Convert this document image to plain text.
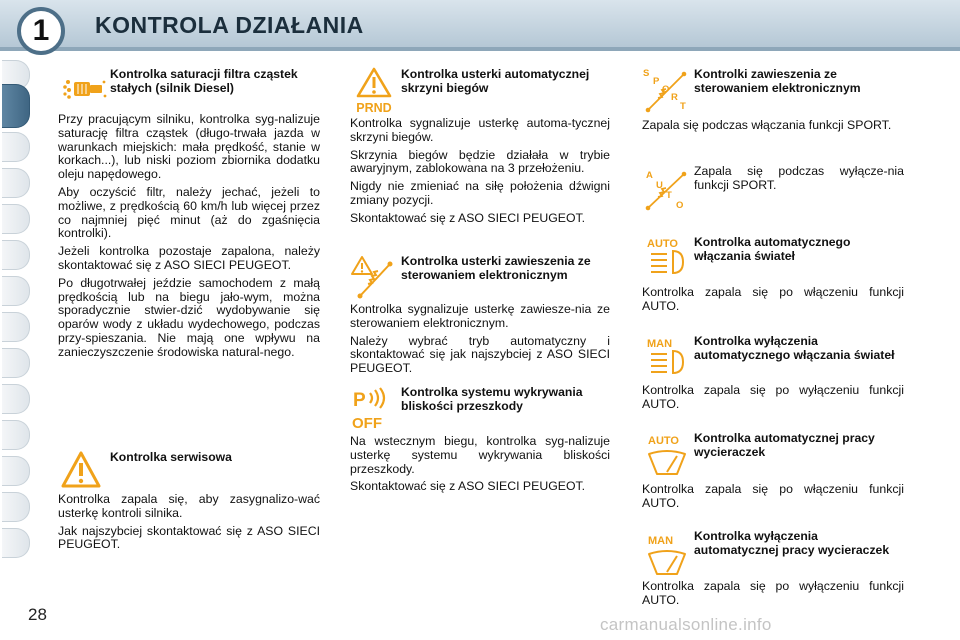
1	KONTROLA DZIAŁANIA
Kontrolka saturacji filtra cząstek stałych (silnik Diesel)

Przy pracującym silniku, kontrolka syg-nalizuje saturację filtra cząstek (długo-trwała jazda w warunkach miejskich: mała prędkość, stanie w korkach...), lub niski poziom zbiornika dodatku oleju napędowego.

Aby oczyścić filtr, należy jechać, jeżeli to możliwe, z prędkością 60 km/h lub więcej przez co najmniej pięć minut (aż do zgaśnięcia kontrolki).

Jeżeli kontrolka pozostaje zapalona, należy skontaktować się z ASO SIECI PEUGEOT.

Po długotrwałej jeździe samochodem z małą prędkością lub na biegu jało-wym, można sporadycznie stwier-dzić wydobywanie się oparów wody z układu wydechowego, podczas przy-spieszania. Nie mają one wpływu na zanieczyszczenie środowiska natural-nego.

Kontrolka serwisowa

Kontrolka zapala się, aby zasygnalizo-wać usterkę kontroli silnika.

Jak najszybciej skontaktować się z ASO SIECI PEUGEOT.

PRND
Kontrolka usterki automatycznej skrzyni biegów

Kontrolka sygnalizuje usterkę automa-tycznej skrzyni biegów.

Skrzynia biegów będzie działała w trybie awaryjnym, zablokowana na 3 przełożeniu.

Nigdy nie zmieniać na siłę położenia dźwigni zmiany pozycji.

Skontaktować się z ASO SIECI PEUGEOT.

Kontrolka usterki zawieszenia ze sterowaniem elektronicznym

Kontrolka sygnalizuje usterkę zawiesze-nia ze sterowaniem elektronicznym.

Należy wybrać tryb automatyczny i skontaktować się jak najszybciej z ASO SIECI PEUGEOT.

P
OFF
Kontrolka systemu wykrywania bliskości przeszkody

Na wstecznym biegu, kontrolka syg-nalizuje usterkę systemu wykrywania bliskości przeszkody.

Skontaktować się z ASO SIECI PEUGEOT.

S
P
O
R
T
Kontrolki zawieszenia ze sterowaniem elektronicznym

Zapala się podczas włączania funkcji SPORT.

A
U
T
O
Zapala się podczas wyłącze-nia funkcji SPORT.
AUTO Kontrolka automatycznego włączania świateł

Kontrolka zapala się po włączeniu funkcji AUTO.

MAN Kontrolka wyłączenia automatycznego włączania świateł

Kontrolka zapala się po wyłączeniu funkcji AUTO.

AUTO Kontrolka automatycznej pracy wycieraczek

Kontrolka zapala się po włączeniu funkcji AUTO.

MAN Kontrolka wyłączenia automatycznej pracy wycieraczek

Kontrolka zapala się po wyłączeniu funkcji AUTO.

28
carmanualsonline.info
